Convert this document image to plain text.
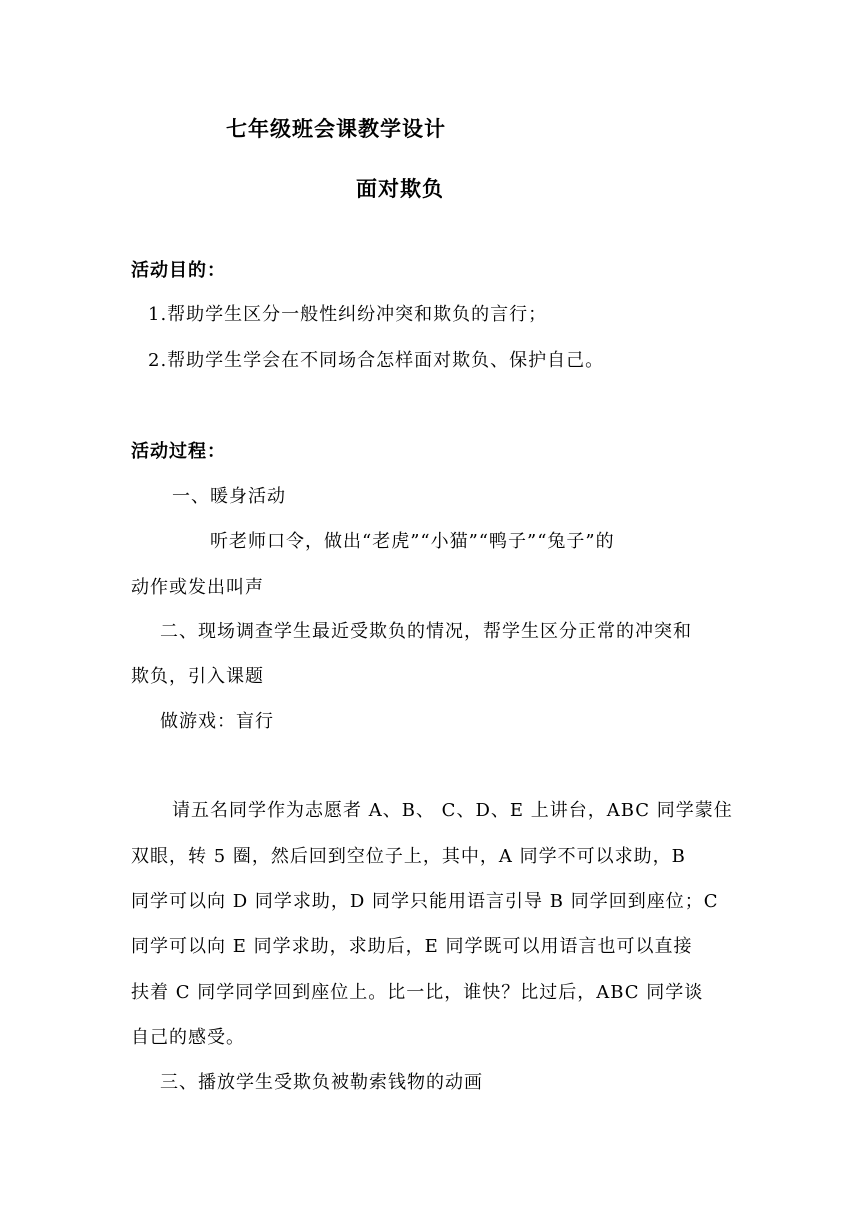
七年级班会课教学设计
面对欺负
活动目的：
1.帮助学生区分一般性纠纷冲突和欺负的言行；
2.帮助学生学会在不同场合怎样面对欺负、保护自己。
活动过程：
一、暖身活动
听老师口令，做出“老虎”“小猫”“鸭子”“兔子”的
动作或发出叫声
二、现场调查学生最近受欺负的情况，帮学生区分正常的冲突和
欺负，引入课题
做游戏：盲行
请五名同学作为志愿者 A、B、 C、D、E 上讲台，ABC 同学蒙住
双眼，转 5 圈，然后回到空位子上，其中，A 同学不可以求助，B
同学可以向 D 同学求助，D 同学只能用语言引导 B 同学回到座位；C
同学可以向 E 同学求助，求助后，E 同学既可以用语言也可以直接
扶着 C 同学同学回到座位上。比一比，谁快？比过后，ABC 同学谈
自己的感受。
三、播放学生受欺负被勒索钱物的动画
